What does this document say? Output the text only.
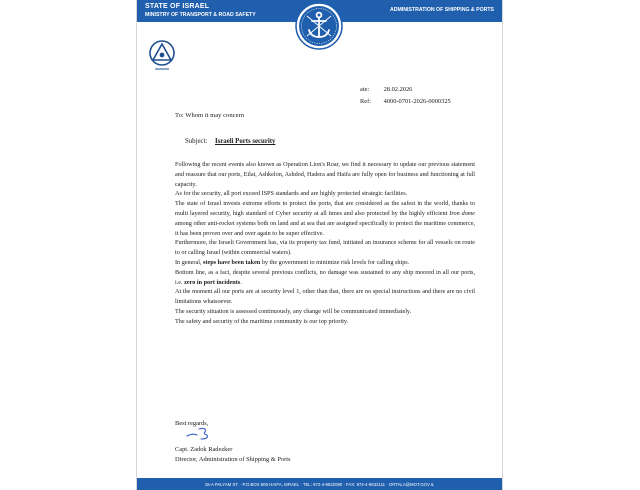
STATE OF ISRAEL
MINISTRY OF TRANSPORT & ROAD SAFETY
ADMINISTRATION OF SHIPPING & PORTS
ate: 28.02.2026
Ref: 4000-0701-2026-0000325
To: Whom it may concern
Subject: Israeli Ports security

Following the recent events also known as Operation Lion's Roar, we find it necessary to update our previous statement and reassure that our ports, Eilat, Ashkelon, Ashdod, Hadera and Haifa are fully open for business and functioning at full capacity.

As for the security, all port exceed ISPS standards and are highly protected strategic facilities.

The state of Israel invests extreme efforts to protect the ports, that are considered as the safest in the world, thanks to multi layered security, high standard of Cyber security at all times and also protected by the highly efficient Iron dome among other anti-rocket systems both on land and at sea that are assigned specifically to protect the maritime commerce, it has been proven over and over again to be super effective.

Furthermore, the Israeli Government has, via its property tax fund, initiated an insurance scheme for all vessels on route to or calling Israel (within commercial waters).

In general, steps have been taken by the government to minimize risk levels for calling ships.

Bottom line, as a fact, despite several previous conflicts, no damage was sustained to any ship moored in all our ports, i.e. zero in port incidents.

At the moment all our ports are at security level 1, other than that, there are no special instructions and there are no civil limitations whatsoever.

The security situation is assessed continuously, any change will be communicated immediately.

The safety and security of the maritime community is our top priority.

Best regards,
Capt. Zadok Radezker
Director, Administration of Shipping & Ports
15-A PALYAM ST. · P.O.BOX 806 HAIFA, ISRAEL · TEL: 972-4-8632080 · FAX: 972-4-8632111 · ORTALA@MOT.GOV.IL
